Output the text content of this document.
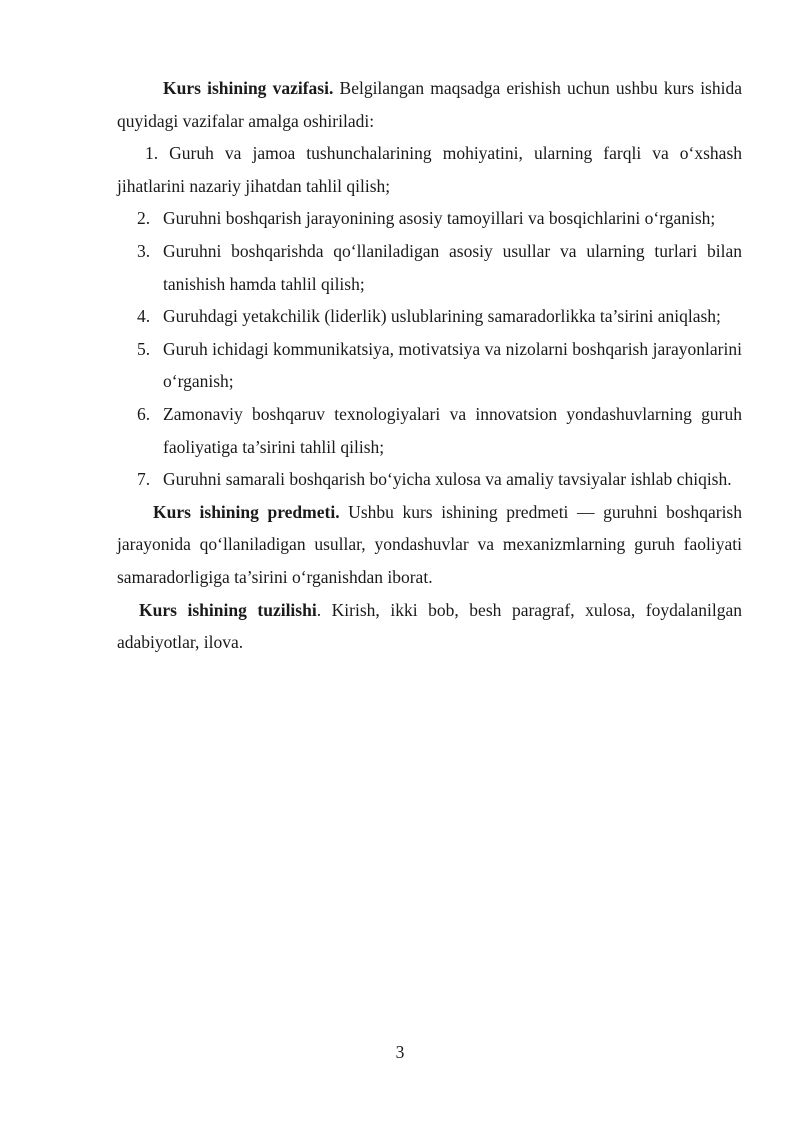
Kurs ishining vazifasi. Belgilangan maqsadga erishish uchun ushbu kurs ishida quyidagi vazifalar amalga oshiriladi:

1. Guruh va jamoa tushunchalarining mohiyatini, ularning farqli va o‘xshash jihatlarini nazariy jihatdan tahlil qilish;

2. Guruhni boshqarish jarayonining asosiy tamoyillari va bosqichlarini o‘rganish;
3. Guruhni boshqarishda qo‘llaniladigan asosiy usullar va ularning turlari bilan tanishish hamda tahlil qilish;
4. Guruhdagi yetakchilik (liderlik) uslublarining samaradorlikka ta’sirini aniqlash;
5. Guruh ichidagi kommunikatsiya, motivatsiya va nizolarni boshqarish jarayonlarini o‘rganish;
6. Zamonaviy boshqaruv texnologiyalari va innovatsion yondashuvlarning guruh faoliyatiga ta’sirini tahlil qilish;
7. Guruhni samarali boshqarish bo‘yicha xulosa va amaliy tavsiyalar ishlab chiqish.

Kurs ishining predmeti. Ushbu kurs ishining predmeti — guruhni boshqarish jarayonida qo‘llaniladigan usullar, yondashuvlar va mexanizmlarning guruh faoliyati samaradorligiga ta’sirini o‘rganishdan iborat.

Kurs ishining tuzilishi. Kirish, ikki bob, besh paragraf, xulosa, foydalanilgan adabiyotlar, ilova.

3
